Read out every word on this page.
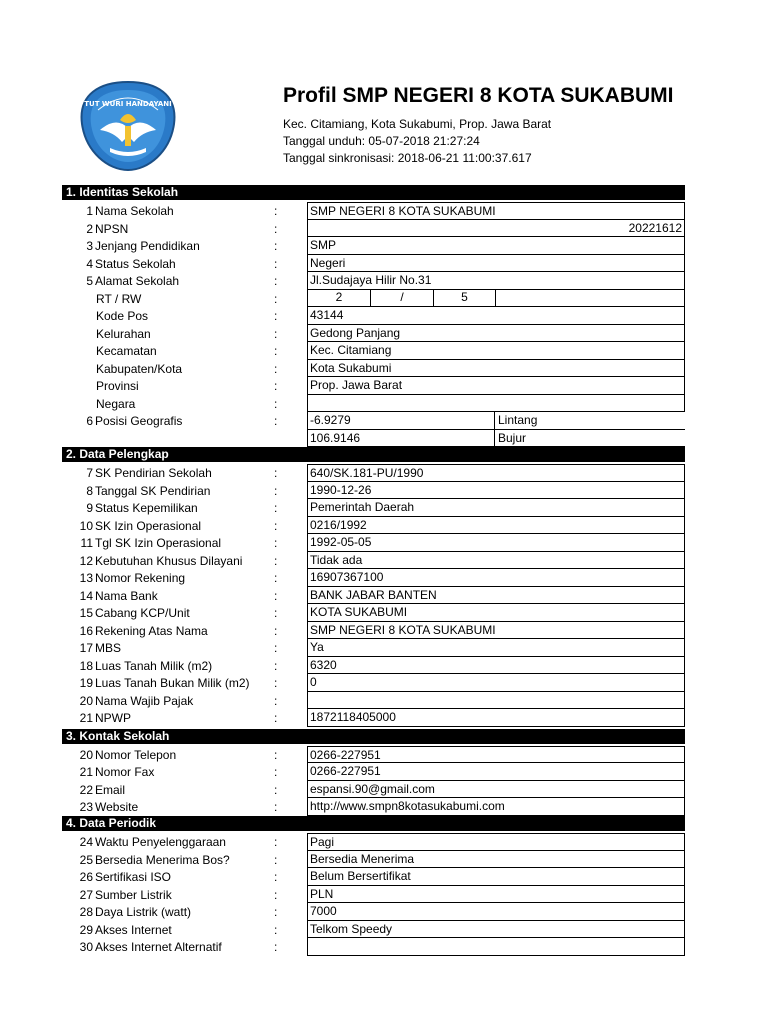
TUT WURI HANDAYANI	Profil SMP NEGERI 8 KOTA SUKABUMI
Kec. Citamiang, Kota Sukabumi, Prop. Jawa Barat
Tanggal unduh: 05-07-2018 21:27:24
Tanggal sinkronisasi: 2018-06-21 11:00:37.617
1. Identitas Sekolah
1 Nama Sekolah	:	SMP NEGERI 8 KOTA SUKABUMI
2 NPSN	:	20221612
3 Jenjang Pendidikan	:	SMP
4 Status Sekolah	:	Negeri
5 Alamat Sekolah	:	Jl.Sudajaya Hilir No.31
RT / RW	:	2	/	5
Kode Pos	:	43144
Kelurahan	:	Gedong Panjang
Kecamatan	:	Kec. Citamiang
Kabupaten/Kota	:	Kota Sukabumi
Provinsi	:	Prop. Jawa Barat
Negara	:
6 Posisi Geografis	:	-6.9279	Lintang
106.9146	Bujur
2. Data Pelengkap
7 SK Pendirian Sekolah	:	640/SK.181-PU/1990
8 Tanggal SK Pendirian	:	1990-12-26
9 Status Kepemilikan	:	Pemerintah Daerah
10 SK Izin Operasional	:	0216/1992
11 Tgl SK Izin Operasional	:	1992-05-05
12 Kebutuhan Khusus Dilayani	:	Tidak ada
13 Nomor Rekening	:	16907367100
14 Nama Bank	:	BANK JABAR BANTEN
15 Cabang KCP/Unit	:	KOTA SUKABUMI
16 Rekening Atas Nama	:	SMP NEGERI 8 KOTA SUKABUMI
17 MBS	:	Ya
18 Luas Tanah Milik (m2)	:	6320
19 Luas Tanah Bukan Milik (m2) :	0
20 Nama Wajib Pajak	:
21 NPWP	:	1872118405000
3. Kontak Sekolah
20 Nomor Telepon	:	0266-227951
21 Nomor Fax	:	0266-227951
22 Email	:	espansi.90@gmail.com
23 Website	:	http://www.smpn8kotasukabumi.com
4. Data Periodik
24 Waktu Penyelenggaraan	:	Pagi
25 Bersedia Menerima Bos?	:	Bersedia Menerima
26 Sertifikasi ISO	:	Belum Bersertifikat
27 Sumber Listrik	:	PLN
28 Daya Listrik (watt)	:	7000
29 Akses Internet	:	Telkom Speedy
30 Akses Internet Alternatif	:
